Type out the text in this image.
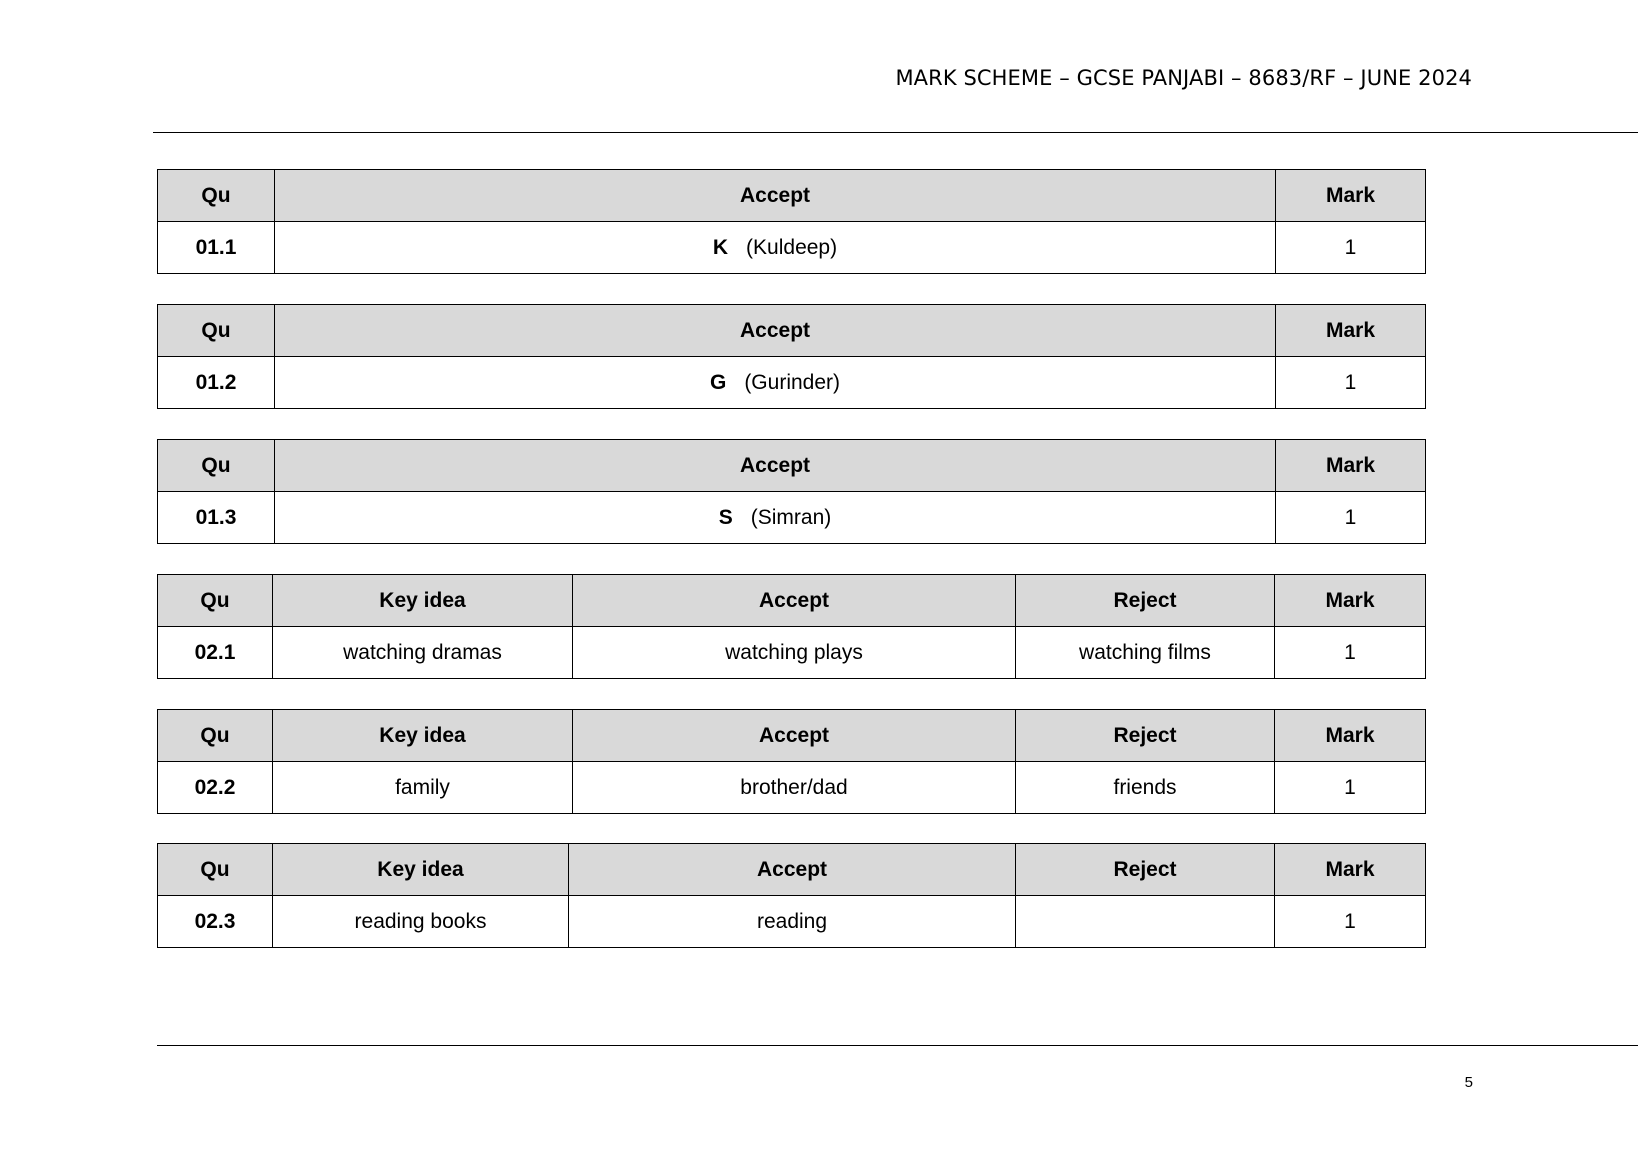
MARK SCHEME – GCSE PANJABI – 8683/RF – JUNE 2024
Qu	Accept	Mark
01.1	K (Kuldeep)	1
Qu	Accept	Mark
01.2	G (Gurinder)	1
Qu	Accept	Mark
01.3	S (Simran)	1
Qu	Key idea	Accept	Reject	Mark
02.1	watching dramas	watching plays	watching films	1
Qu	Key idea	Accept	Reject	Mark
02.2	family	brother/dad	friends	1
Qu	Key idea	Accept	Reject	Mark
02.3	reading books	reading		1
5
